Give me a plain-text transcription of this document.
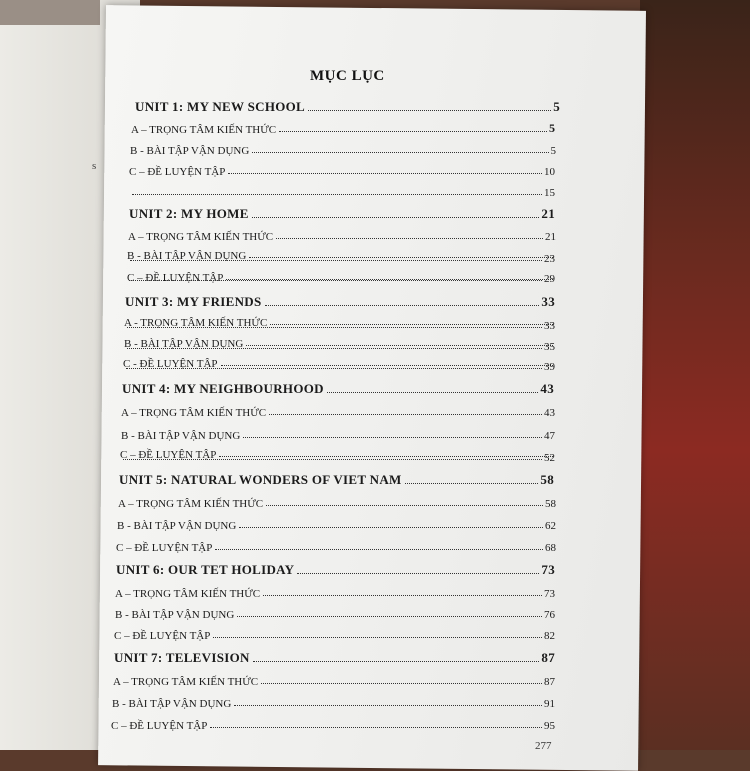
s
MỤC LỤC
UNIT 1: MY NEW SCHOOL	5
A – TRỌNG TÂM KIẾN THỨC	5
B - BÀI TẬP VẬN DỤNG	5
C – ĐỀ LUYỆN TẬP	10
15
UNIT 2: MY HOME	21
A – TRỌNG TÂM KIẾN THỨC	21
B - BÀI TẬP VẬN DỤNG	23
C – ĐỀ LUYỆN TẬP	29
UNIT 3: MY FRIENDS	33
A - TRỌNG TÂM KIẾN THỨC	33
B - BÀI TẬP VẬN DỤNG	35
C - ĐỀ LUYỆN TẬP	39
UNIT 4: MY NEIGHBOURHOOD	43
A – TRỌNG TÂM KIẾN THỨC	43
B - BÀI TẬP VẬN DỤNG	47
C – ĐỀ LUYỆN TẬP	52
UNIT 5: NATURAL WONDERS OF VIET NAM	58
A – TRỌNG TÂM KIẾN THỨC	58
B - BÀI TẬP VẬN DỤNG	62
C – ĐỀ LUYỆN TẬP	68
UNIT 6: OUR TET HOLIDAY	73
A – TRỌNG TÂM KIẾN THỨC	73
B - BÀI TẬP VẬN DỤNG	76
C – ĐỀ LUYỆN TẬP	82
UNIT 7: TELEVISION	87
A – TRỌNG TÂM KIẾN THỨC	87
B - BÀI TẬP VẬN DỤNG	91
C – ĐỀ LUYỆN TẬP	95
277
